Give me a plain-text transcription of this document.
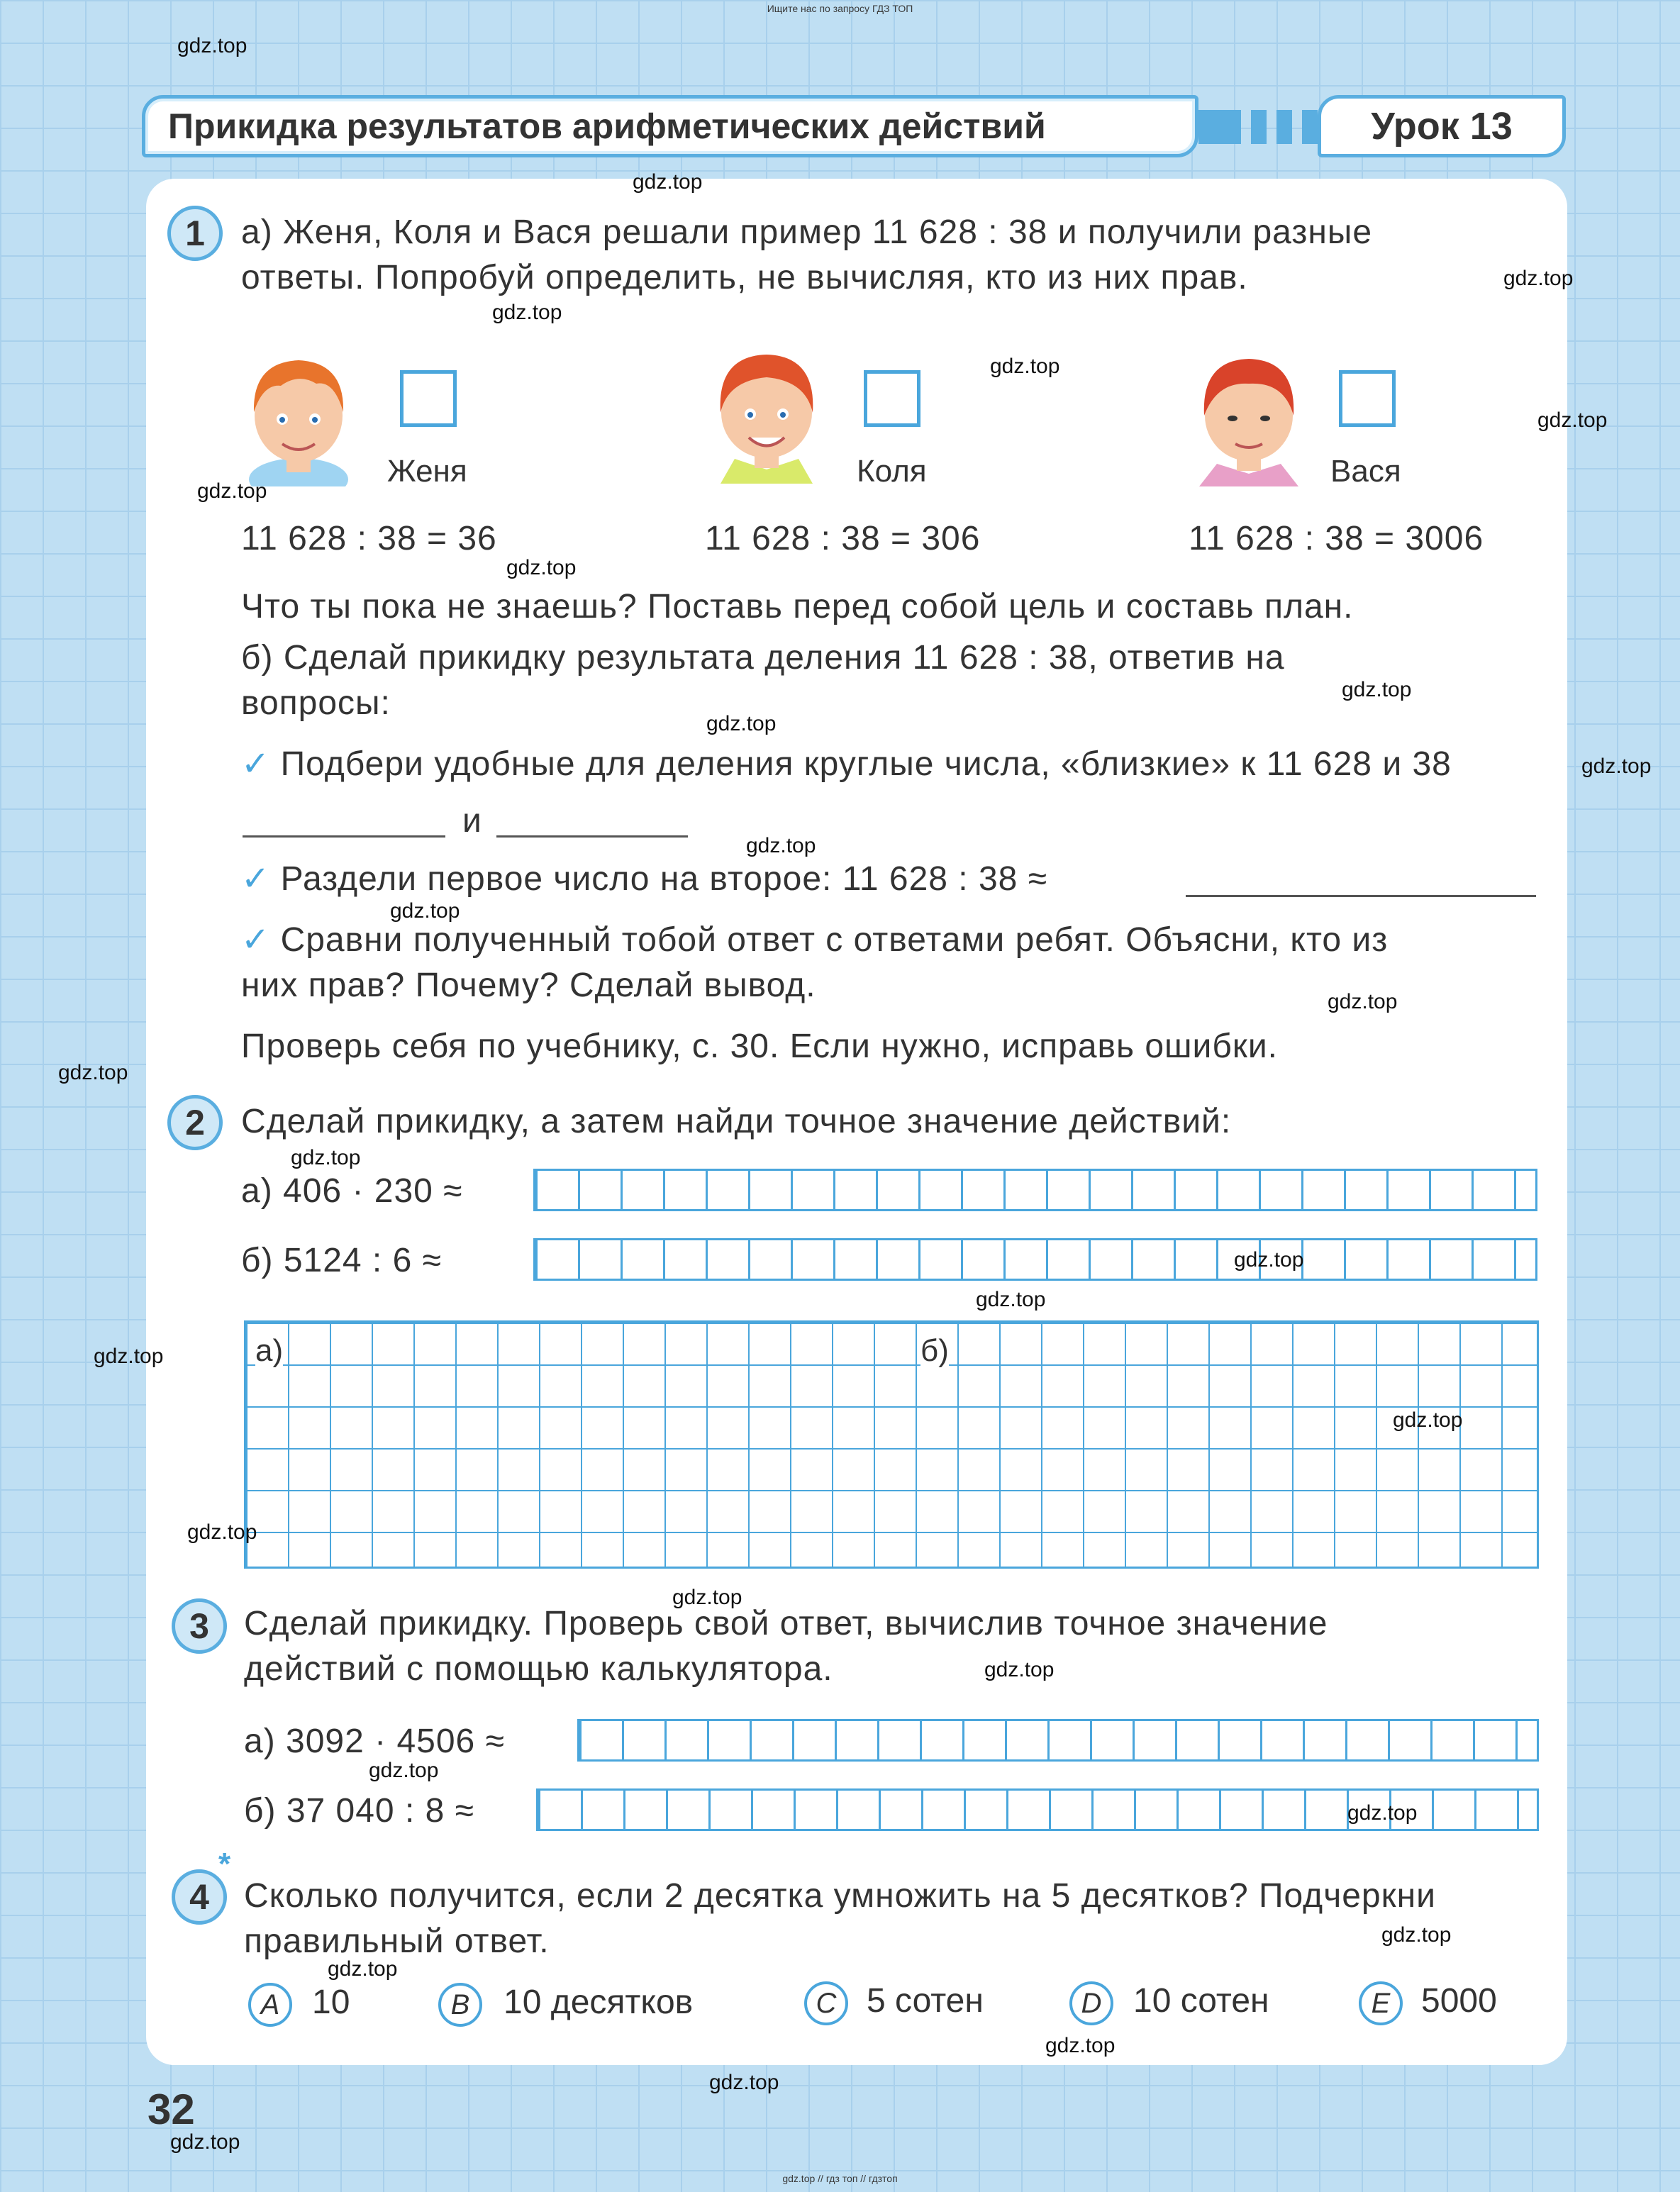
Ищите нас по запросу ГДЗ ТОП
gdz.top // гдз топ // гдзтоп
Прикидка результатов арифметических действий	Урок 13
1	а) Женя, Коля и Вася решали пример 11 628 : 38 и получили разные
ответы. Попробуй определить, не вычисляя, кто из них прав.
Женя	Коля	Вася
11 628 : 38 = 36	11 628 : 38 = 306	11 628 : 38 = 3006
Что ты пока не знаешь? Поставь перед собой цель и составь план.
б) Сделай прикидку результата деления 11 628 : 38, ответив на
вопросы:
✓ Подбери удобные для деления круглые числа, «близкие» к 11 628 и 38
и
✓ Раздели первое число на второе: 11 628 : 38 ≈
✓ Сравни полученный тобой ответ с ответами ребят. Объясни, кто из
них прав? Почему? Сделай вывод.
Проверь себя по учебнику, с. 30. Если нужно, исправь ошибки.
2	Сделай прикидку, а затем найди точное значение действий:
а) 406 · 230 ≈
б) 5124 : 6 ≈
а)	б)
3	Сделай прикидку. Проверь свой ответ, вычислив точное значение
действий с помощью калькулятора.
а) 3092 · 4506 ≈
б) 37 040 : 8 ≈
*
4	Сколько получится, если 2 десятка умножить на 5 десятков? Подчеркни
правильный ответ.
A 10	B 10 десятков	C 5 сотен	D 10 сотен	E 5000
32
gdz.top
gdz.top
gdz.top
gdz.top
gdz.top
gdz.top
gdz.top
gdz.top
gdz.top
gdz.top
gdz.top
gdz.top
gdz.top
gdz.top
gdz.top
gdz.top
gdz.top
gdz.top
gdz.top
gdz.top
gdz.top
gdz.top
gdz.top
gdz.top
gdz.top
gdz.top
gdz.top
gdz.top
gdz.top
gdz.top
